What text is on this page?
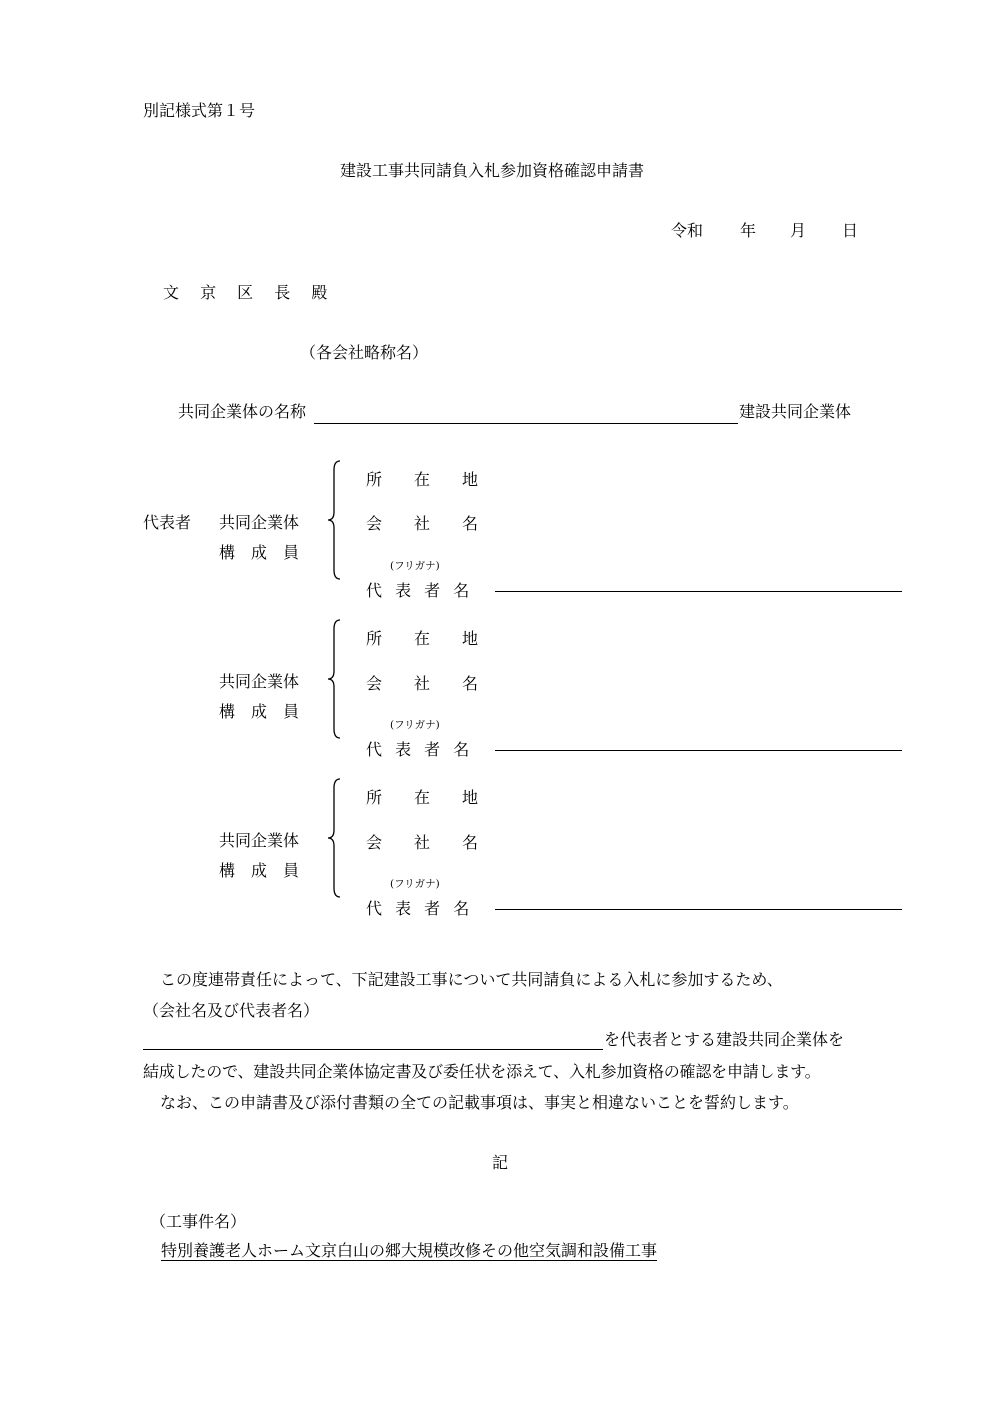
別記様式第１号
建設工事共同請負入札参加資格確認申請書
令和 年 月 日
文 京 区 長 殿
（各会社略称名）
共同企業体の名称	建設共同企業体
代表者 共同企業体
構　成　員
所　　在　　地
会　　社　　名
(フリガナ)
代 表 者 名
共同企業体
構　成　員
所　　在　　地
会　　社　　名
(フリガナ)
代 表 者 名
共同企業体
構　成　員
所　　在　　地
会　　社　　名
(フリガナ)
代 表 者 名
この度連帯責任によって、下記建設工事について共同請負による入札に参加するため、
（会社名及び代表者名）
を代表者とする建設共同企業体を
結成したので、建設共同企業体協定書及び委任状を添えて、入札参加資格の確認を申請します。
なお、この申請書及び添付書類の全ての記載事項は、事実と相違ないことを誓約します。
記
（工事件名）
特別養護老人ホーム文京白山の郷大規模改修その他空気調和設備工事
